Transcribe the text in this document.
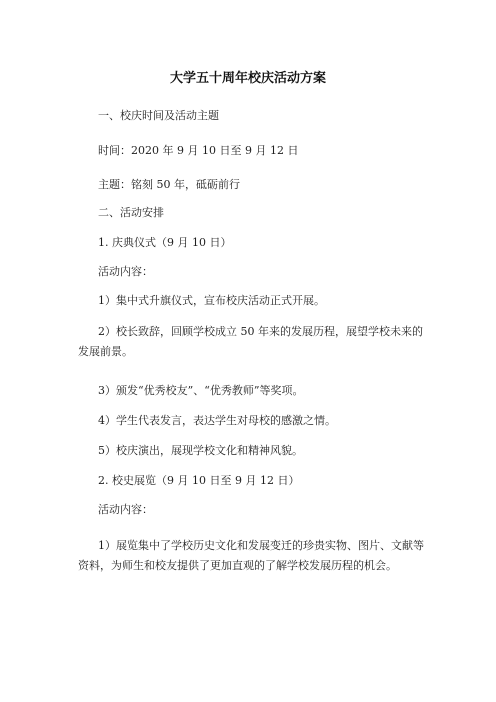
大学五十周年校庆活动方案
一、校庆时间及活动主题
时间：2020 年 9 月 10 日至 9 月 12 日
主题：铭刻 50 年，砥砺前行
二、活动安排
1. 庆典仪式（9 月 10 日）
活动内容：
1）集中式升旗仪式，宣布校庆活动正式开展。
2）校长致辞，回顾学校成立 50 年来的发展历程，展望学校未来的发展前景。
3）颁发“优秀校友”、“优秀教师”等奖项。
4）学生代表发言，表达学生对母校的感激之情。
5）校庆演出，展现学校文化和精神风貌。
2. 校史展览（9 月 10 日至 9 月 12 日）
活动内容：
1）展览集中了学校历史文化和发展变迁的珍贵实物、图片、文献等资料，为师生和校友提供了更加直观的了解学校发展历程的机会。
